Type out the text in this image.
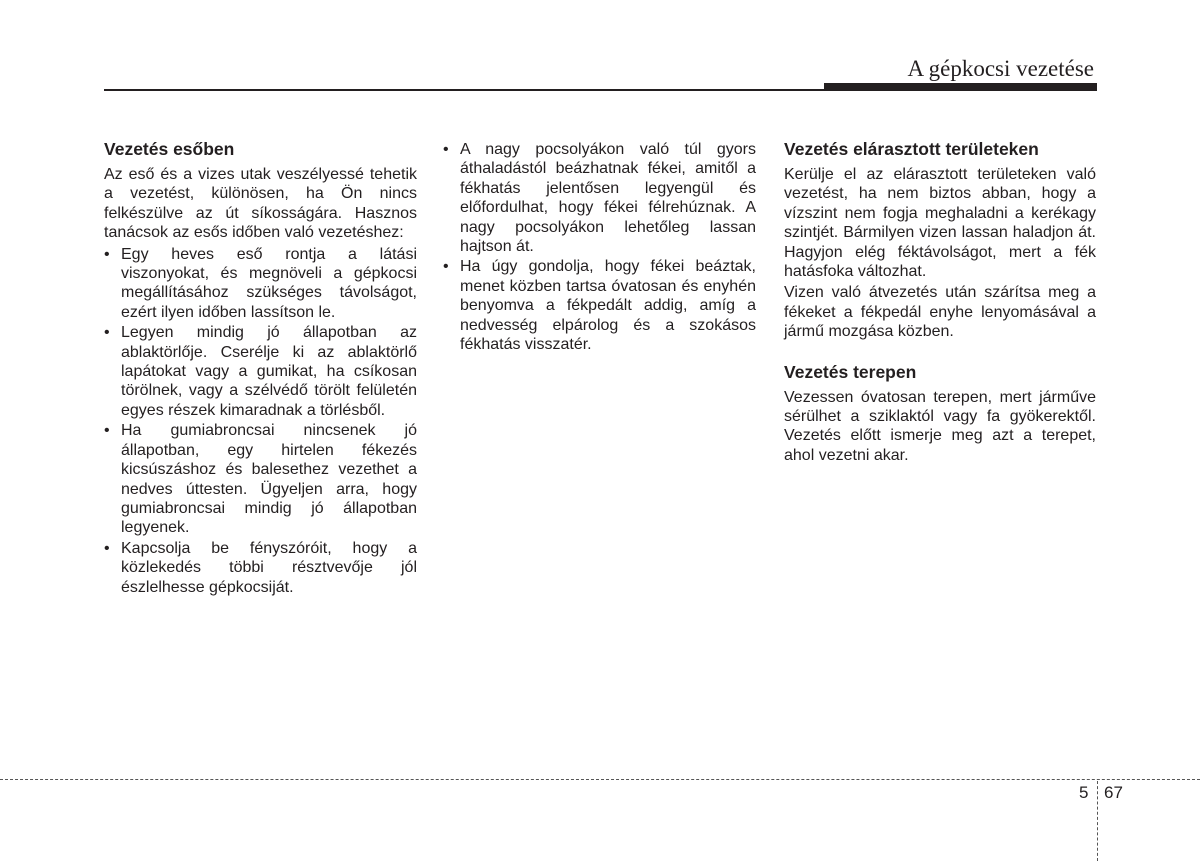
A gépkocsi vezetése
Vezetés esőben

Az eső és a vizes utak veszélyessé tehetik a vezetést, különösen, ha Ön nincs felkészülve az út síkosságára. Hasznos tanácsok az esős időben való vezetéshez:

• Egy heves eső rontja a látási viszonyokat, és megnöveli a gépkocsi megállításához szükséges távolságot, ezért ilyen időben lassítson le.
• Legyen mindig jó állapotban az ablaktörlője. Cserélje ki az ablaktörlő lapátokat vagy a gumikat, ha csíkosan törölnek, vagy a szélvédő törölt felületén egyes részek kimaradnak a törlésből.
• Ha gumiabroncsai nincsenek jó állapotban, egy hirtelen fékezés kicsúszáshoz és balesethez vezethet a nedves úttesten. Ügyeljen arra, hogy gumiabroncsai mindig jó állapotban legyenek.
• Kapcsolja be fényszóróit, hogy a közlekedés többi résztvevője jól észlelhesse gépkocsiját.
• A nagy pocsolyákon való túl gyors áthaladástól beázhatnak fékei, amitől a fékhatás jelentősen legyengül és előfordulhat, hogy fékei félrehúznak. A nagy pocsolyákon lehetőleg lassan hajtson át.
• Ha úgy gondolja, hogy fékei beáztak, menet közben tartsa óvatosan és enyhén benyomva a fékpedált addig, amíg a nedvesség elpárolog és a szokásos fékhatás visszatér.
Vezetés elárasztott területeken

Kerülje el az elárasztott területeken való vezetést, ha nem biztos abban, hogy a vízszint nem fogja meghaladni a kerékagy szintjét. Bármilyen vizen lassan haladjon át. Hagyjon elég féktávolságot, mert a fék hatásfoka változhat.

Vizen való átvezetés után szárítsa meg a fékeket a fékpedál enyhe lenyomásával a jármű mozgása közben.

Vezetés terepen

Vezessen óvatosan terepen, mert járműve sérülhet a sziklaktól vagy fa gyökerektől. Vezetés előtt ismerje meg azt a terepet, ahol vezetni akar.

5 67
